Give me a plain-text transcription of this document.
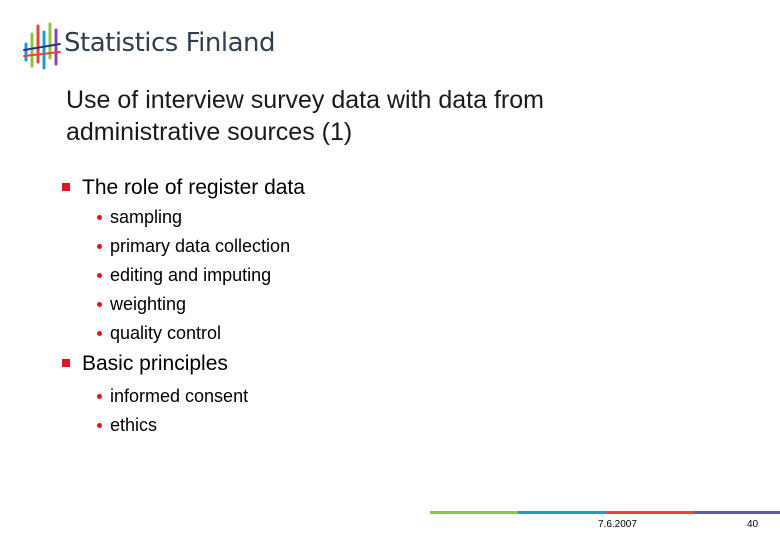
Statistics Finland
Use of interview survey data with data from
administrative sources (1)
The role of register data
sampling
primary data collection
editing and imputing
weighting
quality control
Basic principles
informed consent
ethics
7.6.2007	40
